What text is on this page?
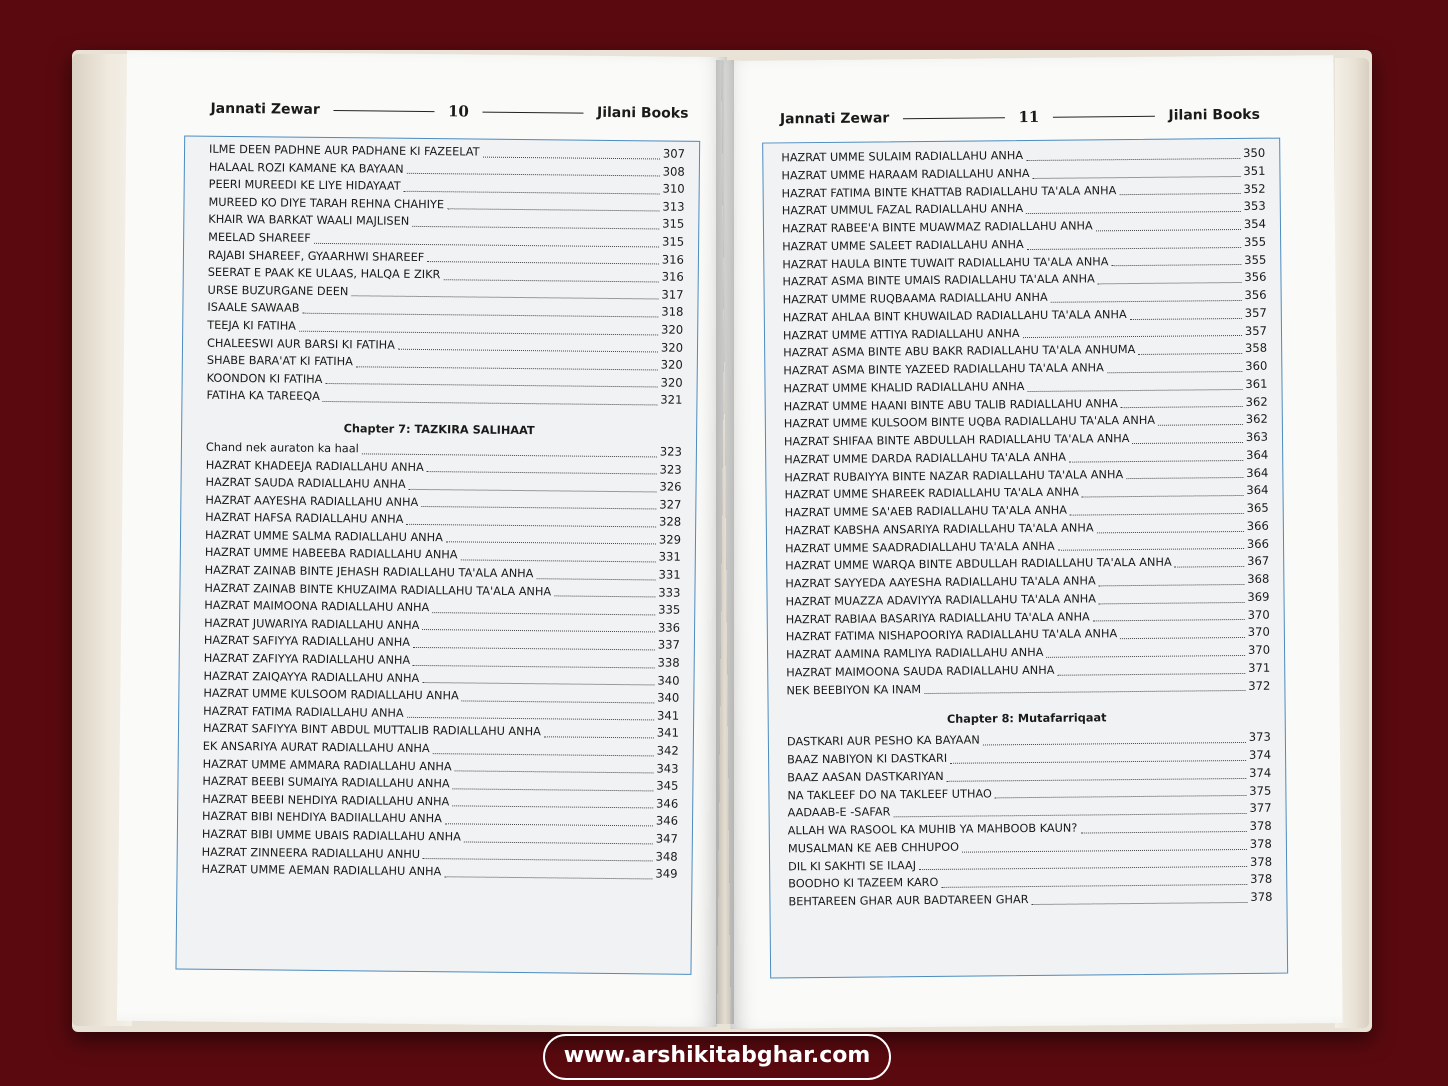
Jannati Zewar	10	Jilani Books
ILME DEEN PADHNE AUR PADHANE KI FAZEELAT	307
HALAAL ROZI KAMANE KA BAYAAN	308
PEERI MUREEDI KE LIYE HIDAYAAT	310
MUREED KO DIYE TARAH REHNA CHAHIYE	313
KHAIR WA BARKAT WAALI MAJLISEN	315
MEELAD SHAREEF	315
RAJABI SHAREEF, GYAARHWI SHAREEF	316
SEERAT E PAAK KE ULAAS, HALQA E ZIKR	316
URSE BUZURGANE DEEN	317
ISAALE SAWAAB	318
TEEJA KI FATIHA	320
CHALEESWI AUR BARSI KI FATIHA	320
SHABE BARA'AT KI FATIHA	320
KOONDON KI FATIHA	320
FATIHA KA TAREEQA	321
Chapter 7: TAZKIRA SALIHAAT
Chand nek auraton ka haal	323
HAZRAT KHADEEJA RADIALLAHU ANHA	323
HAZRAT SAUDA RADIALLAHU ANHA	326
HAZRAT AAYESHA RADIALLAHU ANHA	327
HAZRAT HAFSA RADIALLAHU ANHA	328
HAZRAT UMME SALMA RADIALLAHU ANHA	329
HAZRAT UMME HABEEBA RADIALLAHU ANHA	331
HAZRAT ZAINAB BINTE JEHASH RADIALLAHU TA'ALA ANHA	331
HAZRAT ZAINAB BINTE KHUZAIMA RADIALLAHU TA'ALA ANHA	333
HAZRAT MAIMOONA RADIALLAHU ANHA	335
HAZRAT JUWARIYA RADIALLAHU ANHA	336
HAZRAT SAFIYYA RADIALLAHU ANHA	337
HAZRAT ZAFIYYA RADIALLAHU ANHA	338
HAZRAT ZAIQAYYA RADIALLAHU ANHA	340
HAZRAT UMME KULSOOM RADIALLAHU ANHA	340
HAZRAT FATIMA RADIALLAHU ANHA	341
HAZRAT SAFIYYA BINT ABDUL MUTTALIB RADIALLAHU ANHA	341
EK ANSARIYA AURAT RADIALLAHU ANHA	342
HAZRAT UMME AMMARA RADIALLAHU ANHA	343
HAZRAT BEEBI SUMAIYA RADIALLAHU ANHA	345
HAZRAT BEEBI NEHDIYA RADIALLAHU ANHA	346
HAZRAT BIBI NEHDIYA BADIIALLAHU ANHA	346
HAZRAT BIBI UMME UBAIS RADIALLAHU ANHA	347
HAZRAT ZINNEERA RADIALLAHU ANHU	348
HAZRAT UMME AEMAN RADIALLAHU ANHA	349
Jannati Zewar	11	Jilani Books
HAZRAT UMME SULAIM RADIALLAHU ANHA	350
HAZRAT UMME HARAAM RADIALLAHU ANHA	351
HAZRAT FATIMA BINTE KHATTAB RADIALLAHU TA'ALA ANHA	352
HAZRAT UMMUL FAZAL RADIALLAHU ANHA	353
HAZRAT RABEE'A BINTE MUAWMAZ RADIALLAHU ANHA	354
HAZRAT UMME SALEET RADIALLAHU ANHA	355
HAZRAT HAULA BINTE TUWAIT RADIALLAHU TA'ALA ANHA	355
HAZRAT ASMA BINTE UMAIS RADIALLAHU TA'ALA ANHA	356
HAZRAT UMME RUQBAAMA RADIALLAHU ANHA	356
HAZRAT AHLAA BINT KHUWAILAD RADIALLAHU TA'ALA ANHA	357
HAZRAT UMME ATTIYA RADIALLAHU ANHA	357
HAZRAT ASMA BINTE ABU BAKR RADIALLAHU TA'ALA ANHUMA	358
HAZRAT ASMA BINTE YAZEED RADIALLAHU TA'ALA ANHA	360
HAZRAT UMME KHALID RADIALLAHU ANHA	361
HAZRAT UMME HAANI BINTE ABU TALIB RADIALLAHU ANHA	362
HAZRAT UMME KULSOOM BINTE UQBA RADIALLAHU TA'ALA ANHA	362
HAZRAT SHIFAA BINTE ABDULLAH RADIALLAHU TA'ALA ANHA	363
HAZRAT UMME DARDA RADIALLAHU TA'ALA ANHA	364
HAZRAT RUBAIYYA BINTE NAZAR RADIALLAHU TA'ALA ANHA	364
HAZRAT UMME SHAREEK RADIALLAHU TA'ALA ANHA	364
HAZRAT UMME SA'AEB RADIALLAHU TA'ALA ANHA	365
HAZRAT KABSHA ANSARIYA RADIALLAHU TA'ALA ANHA	366
HAZRAT UMME SAADRADIALLAHU TA'ALA ANHA	366
HAZRAT UMME WARQA BINTE ABDULLAH RADIALLAHU TA'ALA ANHA	367
HAZRAT SAYYEDA AAYESHA RADIALLAHU TA'ALA ANHA	368
HAZRAT MUAZZA ADAVIYYA RADIALLAHU TA'ALA ANHA	369
HAZRAT RABIAA BASARIYA RADIALLAHU TA'ALA ANHA	370
HAZRAT FATIMA NISHAPOORIYA RADIALLAHU TA'ALA ANHA	370
HAZRAT AAMINA RAMLIYA RADIALLAHU ANHA	370
HAZRAT MAIMOONA SAUDA RADIALLAHU ANHA	371
NEK BEEBIYON KA INAM	372
Chapter 8: Mutafarriqaat
DASTKARI AUR PESHO KA BAYAAN	373
BAAZ NABIYON KI DASTKARI	374
BAAZ AASAN DASTKARIYAN	374
NA TAKLEEF DO NA TAKLEEF UTHAO	375
AADAAB-E -SAFAR	377
ALLAH WA RASOOL KA MUHIB YA MAHBOOB KAUN?	378
MUSALMAN KE AEB CHHUPOO	378
DIL KI SAKHTI SE ILAAJ	378
BOODHO KI TAZEEM KARO	378
BEHTAREEN GHAR AUR BADTAREEN GHAR	378
www.arshikitabghar.com
